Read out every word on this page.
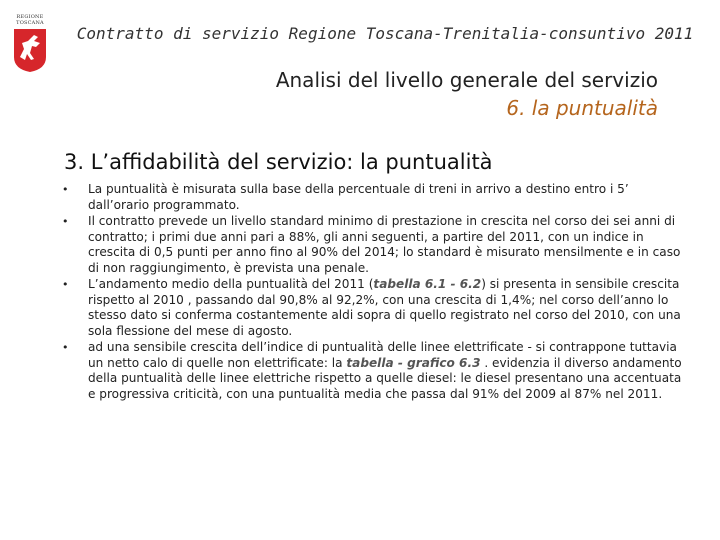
REGIONE
TOSCANA
Contratto di servizio Regione Toscana-Trenitalia-consuntivo 2011
Analisi del livello generale del servizio
6. la puntualità
3. L’affidabilità del servizio: la puntualità
• La puntualità è misurata sulla base della percentuale di treni in arrivo a destino entro i 5’ dall’orario programmato.
• Il contratto prevede un livello standard minimo di prestazione in crescita nel corso dei sei anni di contratto; i primi due anni pari a 88%, gli anni seguenti, a partire del 2011, con un indice in crescita di 0,5 punti per anno fino al 90% del 2014; lo standard è misurato mensilmente e in caso di non raggiungimento, è prevista una penale.
• L’andamento medio della puntualità del 2011 (tabella 6.1 - 6.2) si presenta in sensibile crescita rispetto al 2010 , passando dal 90,8% al 92,2%, con una crescita di 1,4%; nel corso dell’anno lo stesso dato si conferma costantemente aldi sopra di quello registrato nel corso del 2010, con una sola flessione del mese di agosto.
• ad una sensibile crescita dell’indice di puntualità delle linee elettrificate - si contrappone tuttavia un netto calo di quelle non elettrificate: la tabella - grafico 6.3 . evidenzia il diverso andamento della puntualità delle linee elettriche rispetto a quelle diesel: le diesel presentano una accentuata e progressiva criticità, con una puntualità media che passa dal 91% del 2009 al 87% nel 2011.
